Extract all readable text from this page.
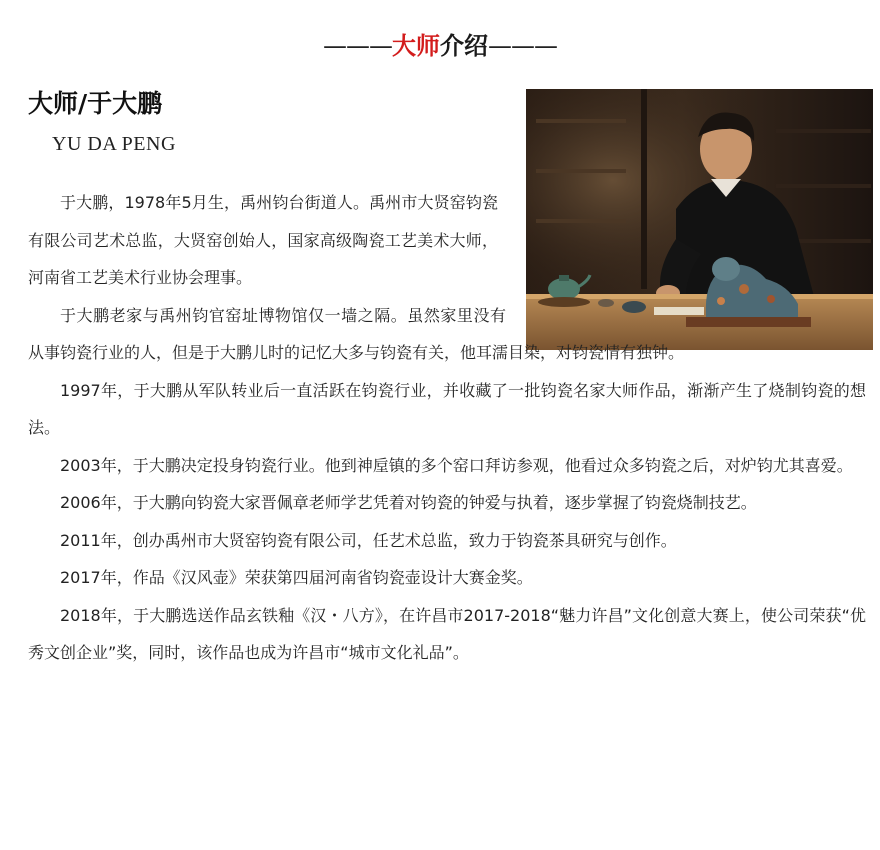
———大师介绍———
大师/于大鹏
YU DA PENG

于大鹏，1978年5月生，禹州钧台街道人。禹州市大贤窑钧瓷有限公司艺术总监，大贤窑创始人，国家高级陶瓷工艺美术大师，河南省工艺美术行业协会理事。

于大鹏老家与禹州钧官窑址博物馆仅一墙之隔。虽然家里没有从事钧瓷行业的人，但是于大鹏儿时的记忆大多与钧瓷有关，他耳濡目染，对钧瓷情有独钟。

1997年，于大鹏从军队转业后一直活跃在钧瓷行业，并收藏了一批钧瓷名家大师作品，渐渐产生了烧制钧瓷的想法。

2003年，于大鹏决定投身钧瓷行业。他到神垕镇的多个窑口拜访参观，他看过众多钧瓷之后，对炉钧尤其喜爱。

2006年，于大鹏向钧瓷大家晋佩章老师学艺凭着对钧瓷的钟爱与执着，逐步掌握了钧瓷烧制技艺。

2011年，创办禹州市大贤窑钧瓷有限公司，任艺术总监，致力于钧瓷茶具研究与创作。

2017年，作品《汉风壶》荣获第四届河南省钧瓷壶设计大赛金奖。

2018年，于大鹏选送作品玄铁釉《汉・八方》，在许昌市2017-2018“魅力许昌”文化创意大赛上，使公司荣获“优秀文创企业”奖，同时，该作品也成为许昌市“城市文化礼品”。
